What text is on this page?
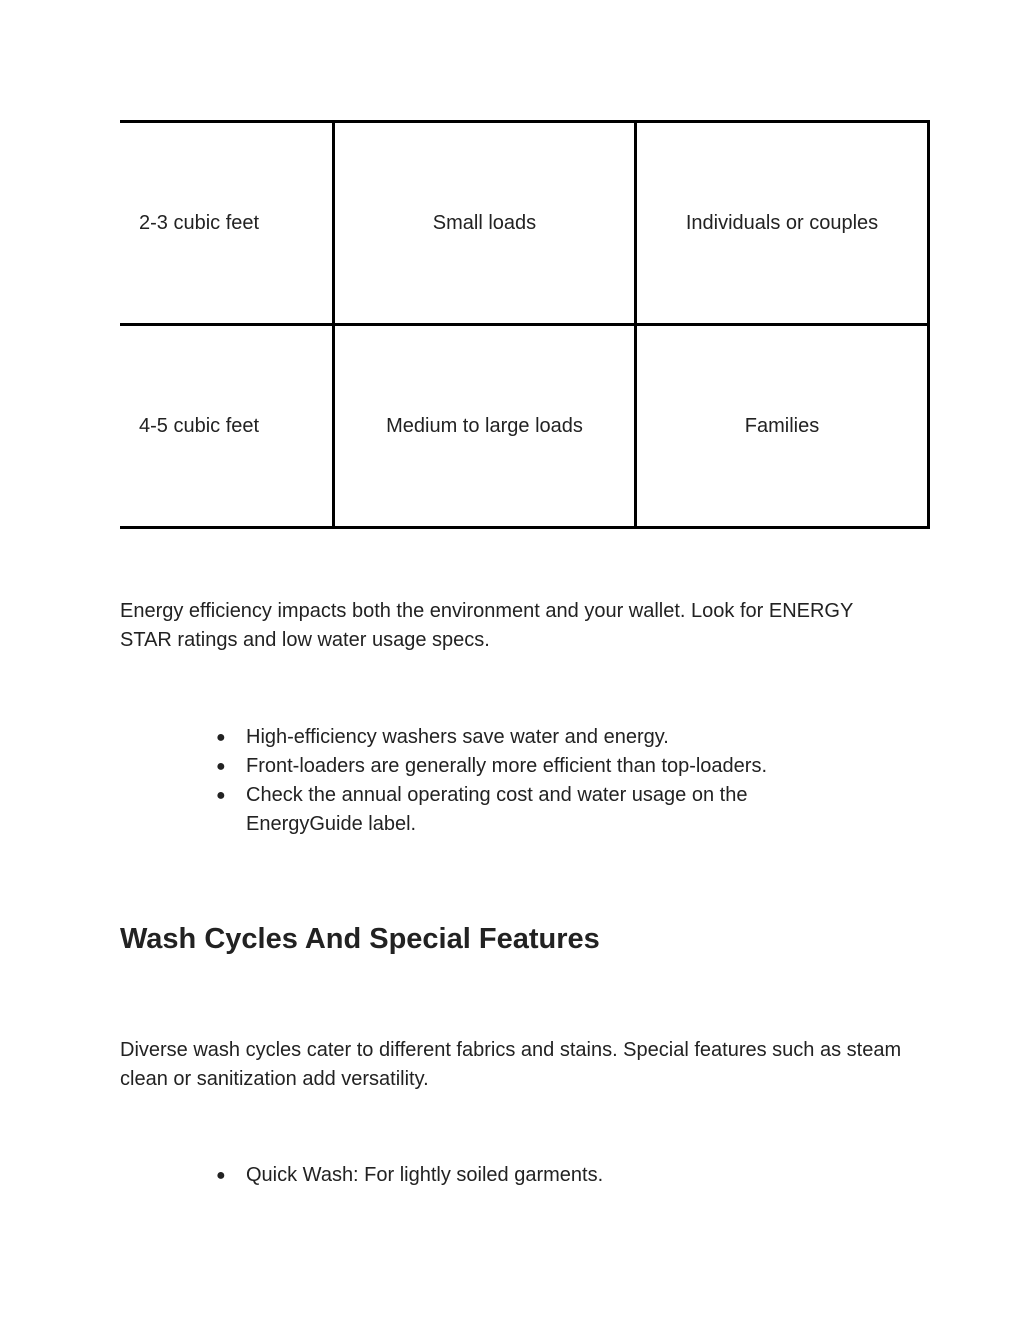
2-3 cubic feet	Small loads	Individuals or couples
4-5 cubic feet	Medium to large loads	Families

Energy efficiency impacts both the environment and your wallet. Look for ENERGY STAR ratings and low water usage specs.

● High-efficiency washers save water and energy.
● Front-loaders are generally more efficient than top-loaders.
● Check the annual operating cost and water usage on the EnergyGuide label.
Wash Cycles And Special Features

Diverse wash cycles cater to different fabrics and stains. Special features such as steam clean or sanitization add versatility.

● Quick Wash: For lightly soiled garments.
